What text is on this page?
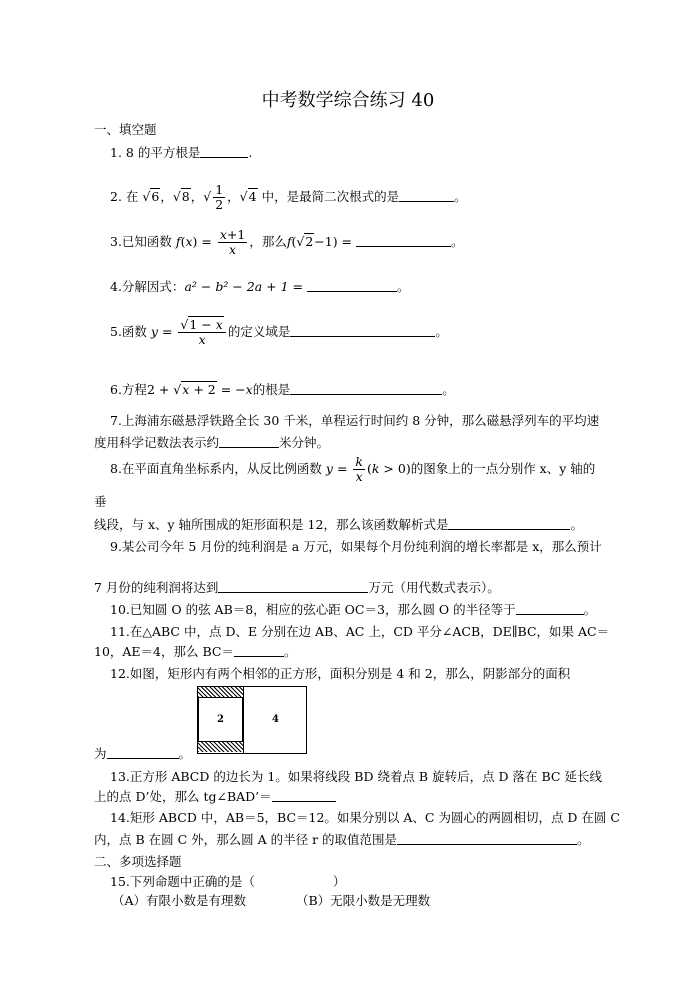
中考数学综合练习 40
一、填空题
1. 8 的平方根是	.
2. 在 √6，√8，√ $\frac{1}{2}$ ，√4 中，是最简二次根式的是	。
3.已知函数 $f(x) = \frac{x+1}{x}$ ，那么f(√2−1) =	。
4.分解因式：a² − b² − 2a + 1 =	。
5.函数 $y = \frac{√1 - x}{x}$ 的定义域是	。
6.方程2 + √x + 2 = −x的根是	。
7.上海浦东磁悬浮铁路全长 30 千米，单程运行时间约 8 分钟，那么磁悬浮列车的平均速
度用科学记数法表示约	米分钟。
8.在平面直角坐标系内，从反比例函数 $y = \frac{k}{x} (k > 0)$的图象上的一点分别作 x、y 轴的
垂
线段，与 x、y 轴所围成的矩形面积是 12，那么该函数解析式是	。
9.某公司今年 5 月份的纯利润是 a 万元，如果每个月份纯利润的增长率都是 x，那么预计
7 月份的纯利润将达到	万元（用代数式表示）。
10.已知圆 O 的弦 AB＝8，相应的弦心距 OC＝3，那么圆 O 的半径等于	。
11.在△ABC 中，点 D、E 分别在边 AB、AC 上，CD 平分∠ACB，DE∥BC，如果 AC＝
10，AE＝4，那么 BC＝	。
12.如图，矩形内有两个相邻的正方形，面积分别是 4 和 2，那么，阴影部分的面积
2	4
为	。
13.正方形 ABCD 的边长为 1。如果将线段 BD 绕着点 B 旋转后，点 D 落在 BC 延长线
上的点 D’处，那么 tg∠BAD’＝
14.矩形 ABCD 中，AB＝5，BC＝12。如果分别以 A、C 为圆心的两圆相切，点 D 在圆 C
内，点 B 在圆 C 外，那么圆 A 的半径 r 的取值范围是	。
二、多项选择题
15.下列命题中正确的是（	）
（A）有限小数是有理数	（B）无限小数是无理数
